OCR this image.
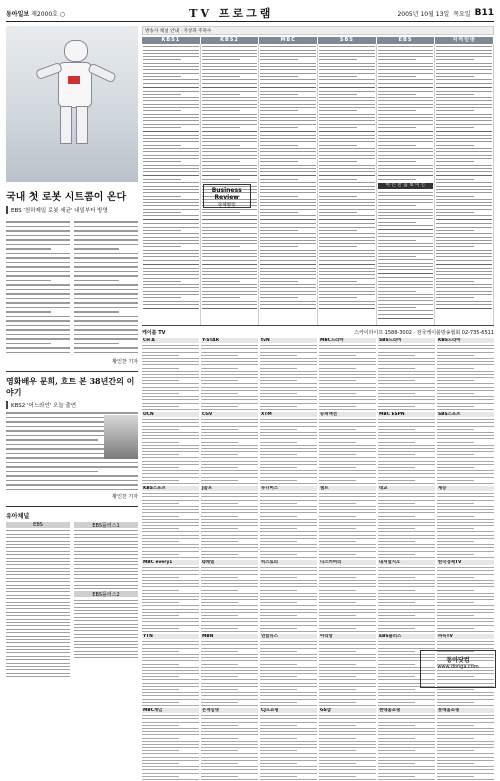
동아일보 제2000호 ○	TV 프로그램	2005년 10월 13일 목요일 B11
국내 첫 로봇 시트콤이 온다
EBS '천하제일 로봇 세균' 내일부터 방영
황인찬 기자
영화배우 문희, 흐트 본 38년간의 이야기
KBS2 '어느라인' 오늘 출연
황인찬 기자
유아채널
EBS	EBS플러스1
EBS플러스2
방송사 채널 안내 · 지상파 주파수
KBS1	KBS2	MBC	SBS	EBS	지역민방
Business Review
경제방송
아 는 만 큼 보 이 는
케이블 TV	스카이라이프 1588-3002 · 전국케이블방송협회 02-735-6511
CH A	Y-STAR	tvN	MBC드라마	SBS드라마	KBS드라마
OCN	CGV	XTM	슈퍼액션	MBC ESPN	SBS스포츠
KBS스포츠	J골프	투니버스	챔프	대교	재능
MBC every1	Q채널	히스토리	디스커버리	내셔널지오	한국경제TV
YTN	MBN	연합뉴스	아리랑	EBS플러스	바둑TV
MBC게임	온게임넷	CJ오쇼핑	GS샵	현대홈쇼핑	롯데홈쇼핑
동아닷컴
www.donga.com
